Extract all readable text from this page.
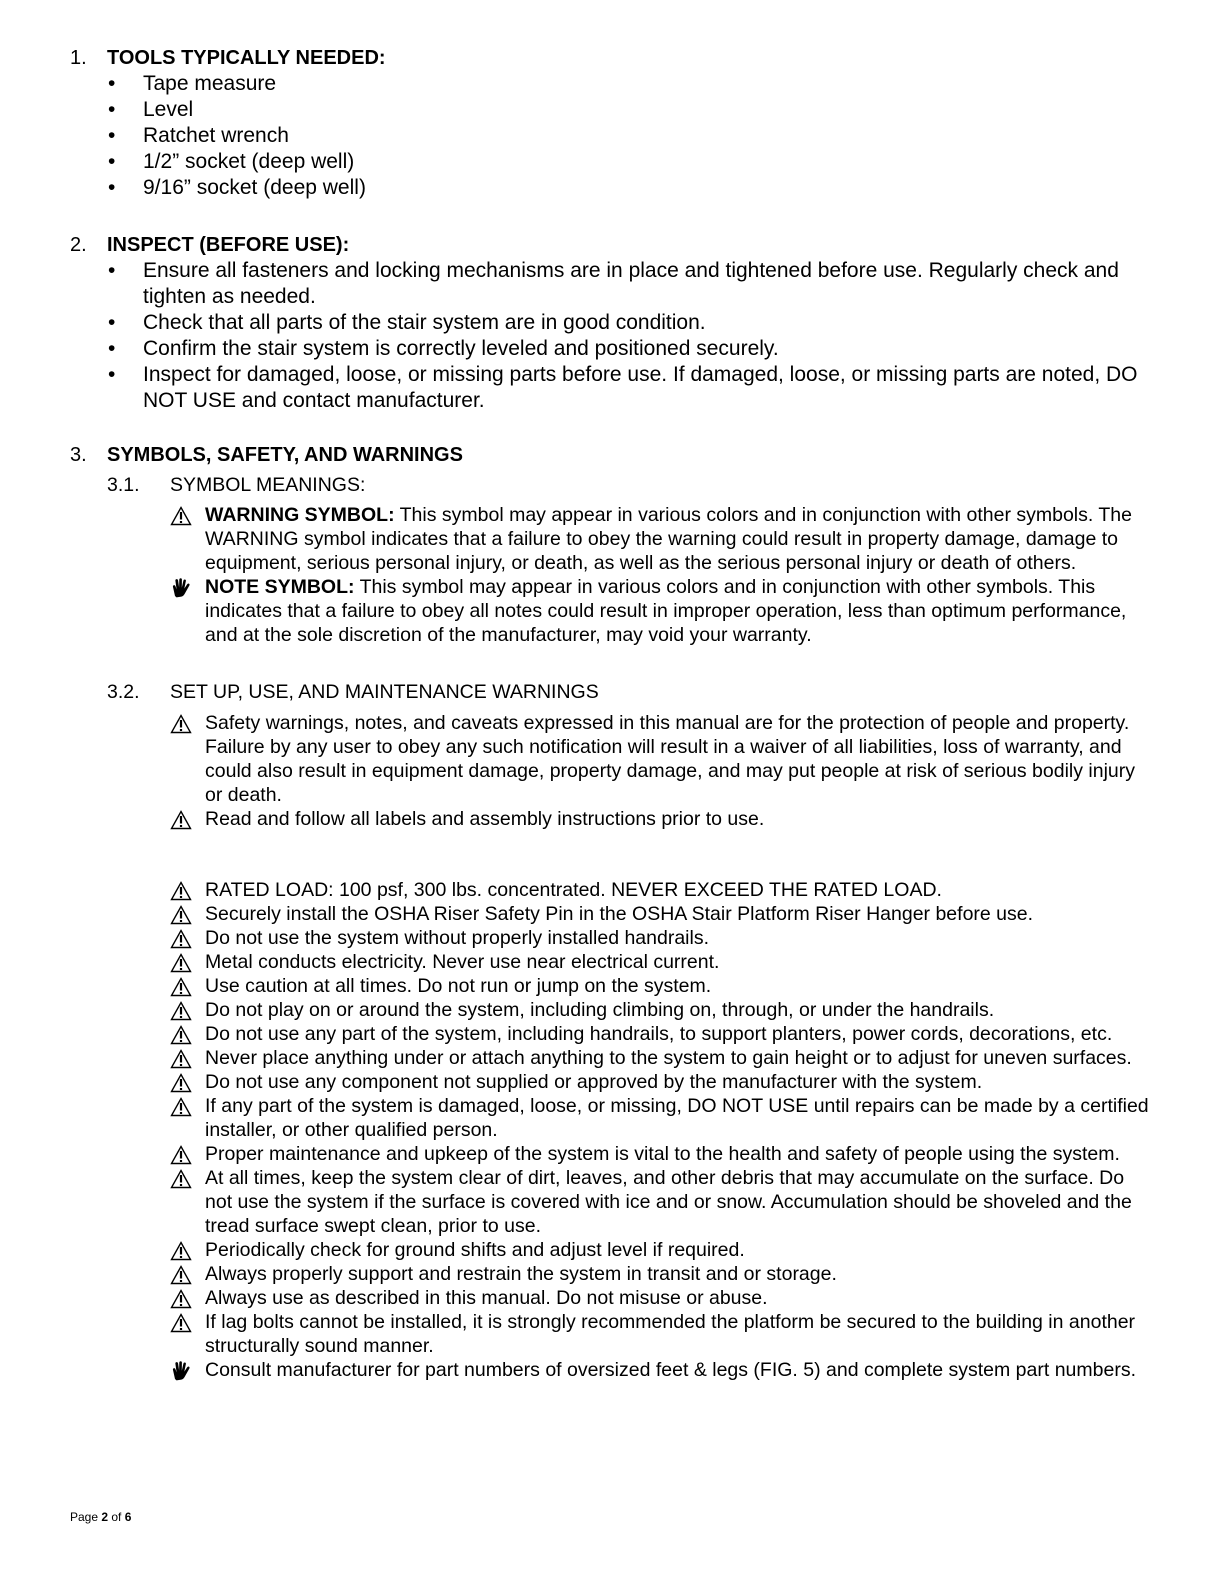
1. TOOLS TYPICALLY NEEDED:
• Tape measure
• Level
• Ratchet wrench
• 1/2” socket (deep well)
• 9/16” socket (deep well)
2. INSPECT (BEFORE USE):
• Ensure all fasteners and locking mechanisms are in place and tightened before use. Regularly check and tighten as needed.
• Check that all parts of the stair system are in good condition.
• Confirm the stair system is correctly leveled and positioned securely.
• Inspect for damaged, loose, or missing parts before use. If damaged, loose, or missing parts are noted, DO NOT USE and contact manufacturer.
3. SYMBOLS, SAFETY, AND WARNINGS
3.1. SYMBOL MEANINGS:
WARNING SYMBOL: This symbol may appear in various colors and in conjunction with other symbols. The WARNING symbol indicates that a failure to obey the warning could result in property damage, damage to equipment, serious personal injury, or death, as well as the serious personal injury or death of others.
NOTE SYMBOL: This symbol may appear in various colors and in conjunction with other symbols. This indicates that a failure to obey all notes could result in improper operation, less than optimum performance, and at the sole discretion of the manufacturer, may void your warranty.
3.2. SET UP, USE, AND MAINTENANCE WARNINGS
Safety warnings, notes, and caveats expressed in this manual are for the protection of people and property. Failure by any user to obey any such notification will result in a waiver of all liabilities, loss of warranty, and could also result in equipment damage, property damage, and may put people at risk of serious bodily injury or death.
Read and follow all labels and assembly instructions prior to use.
RATED LOAD: 100 psf, 300 lbs. concentrated. NEVER EXCEED THE RATED LOAD.
Securely install the OSHA Riser Safety Pin in the OSHA Stair Platform Riser Hanger before use.
Do not use the system without properly installed handrails.
Metal conducts electricity. Never use near electrical current.
Use caution at all times. Do not run or jump on the system.
Do not play on or around the system, including climbing on, through, or under the handrails.
Do not use any part of the system, including handrails, to support planters, power cords, decorations, etc.
Never place anything under or attach anything to the system to gain height or to adjust for uneven surfaces.
Do not use any component not supplied or approved by the manufacturer with the system.
If any part of the system is damaged, loose, or missing, DO NOT USE until repairs can be made by a certified installer, or other qualified person.
Proper maintenance and upkeep of the system is vital to the health and safety of people using the system.
At all times, keep the system clear of dirt, leaves, and other debris that may accumulate on the surface. Do not use the system if the surface is covered with ice and or snow. Accumulation should be shoveled and the tread surface swept clean, prior to use.
Periodically check for ground shifts and adjust level if required.
Always properly support and restrain the system in transit and or storage.
Always use as described in this manual. Do not misuse or abuse.
If lag bolts cannot be installed, it is strongly recommended the platform be secured to the building in another structurally sound manner.
Consult manufacturer for part numbers of oversized feet & legs (FIG. 5) and complete system part numbers.
Page 2 of 6
